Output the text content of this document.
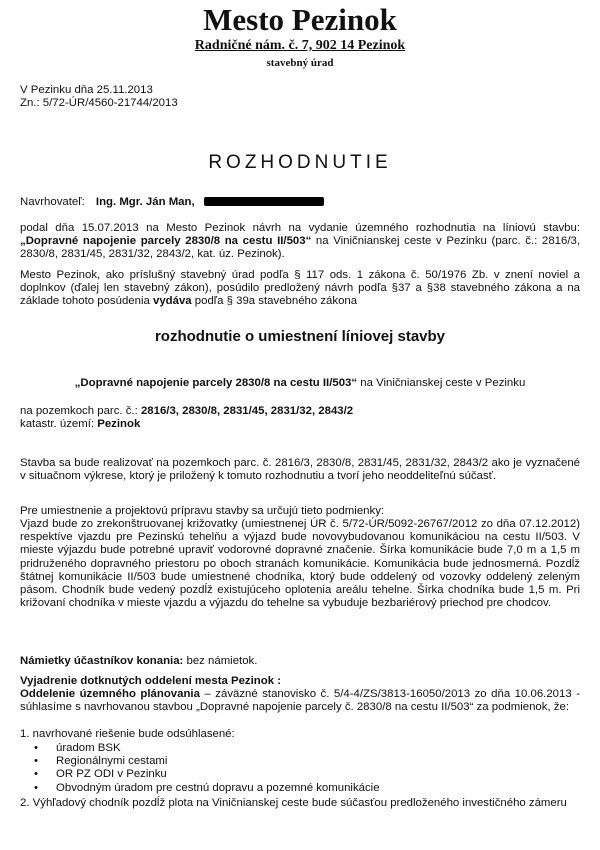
Mesto Pezinok
Radničné nám. č. 7, 902 14 Pezinok
stavebný úrad
V Pezinku dňa 25.11.2013
Zn.: 5/72-ÚR/4560-21744/2013
ROZHODNUTIE
Navrhovateľ: Ing. Mgr. Ján Man,
podal dňa 15.07.2013 na Mesto Pezinok návrh na vydanie územného rozhodnutia na líniovú stavbu: „Dopravné napojenie parcely 2830/8 na cestu II/503“ na Viničnianskej ceste v Pezinku (parc. č.: 2816/3, 2830/8, 2831/45, 2831/32, 2843/2, kat. úz. Pezinok).
Mesto Pezinok, ako príslušný stavebný úrad podľa § 117 ods. 1 zákona č. 50/1976 Zb. v znení noviel a doplnkov (ďalej len stavebný zákon), posúdilo predložený návrh podľa §37 a §38 stavebného zákona a na základe tohoto posúdenia vydáva podľa § 39a stavebného zákona
rozhodnutie o umiestnení líniovej stavby
„Dopravné napojenie parcely 2830/8 na cestu II/503“ na Viničnianskej ceste v Pezinku
na pozemkoch parc. č.: 2816/3, 2830/8, 2831/45, 2831/32, 2843/2
katastr. území: Pezinok
Stavba sa bude realizovať na pozemkoch parc. č. 2816/3, 2830/8, 2831/45, 2831/32, 2843/2 ako je vyznačené v situačnom výkrese, ktorý je priložený k tomuto rozhodnutiu a tvorí jeho neoddeliteľnú súčasť.
Pre umiestnenie a projektovú prípravu stavby sa určujú tieto podmienky:
Vjazd bude zo zrekonštruovanej križovatky (umiestnenej ÚR č. 5/72-ÚR/5092-26767/2012 zo dňa 07.12.2012) respektíve vjazdu pre Pezinskú tehelňu a výjazd bude novovybudovanou komunikáciou na cestu II/503. V mieste výjazdu bude potrebné upraviť vodorovné dopravné značenie. Šírka komunikácie bude 7,0 m a 1,5 m pridruženého dopravného priestoru po oboch stranách komunikácie. Komunikácia bude jednosmerná. Pozdĺž štátnej komunikácie II/503 bude umiestnené chodníka, ktorý bude oddelený od vozovky oddelený zeleným pásom. Chodník bude vedený pozdĺž existujúceho oplotenia areálu tehelne. Šírka chodníka bude 1,5 m. Pri križovaní chodníka v mieste vjazdu a výjazdu do tehelne sa vybuduje bezbariérový priechod pre chodcov.
Námietky účastníkov konania: bez námietok.
Vyjadrenie dotknutých oddelení mesta Pezinok :
Oddelenie územného plánovania – záväzné stanovisko č. 5/4-4/ZS/3813-16050/2013 zo dňa 10.06.2013 - súhlasíme s navrhovanou stavbou „Dopravné napojenie parcely č. 2830/8 na cestu II/503“ za podmienok, že:
1. navrhované riešenie bude odsúhlasené:
• úradom BSK
• Regionálnymi cestami
• OR PZ ODI v Pezinku
• Obvodným úradom pre cestnú dopravu a pozemné komunikácie
2. Výhľadový chodník pozdĺž plota na Viničnianskej ceste bude súčasťou predloženého investičného zámeru
